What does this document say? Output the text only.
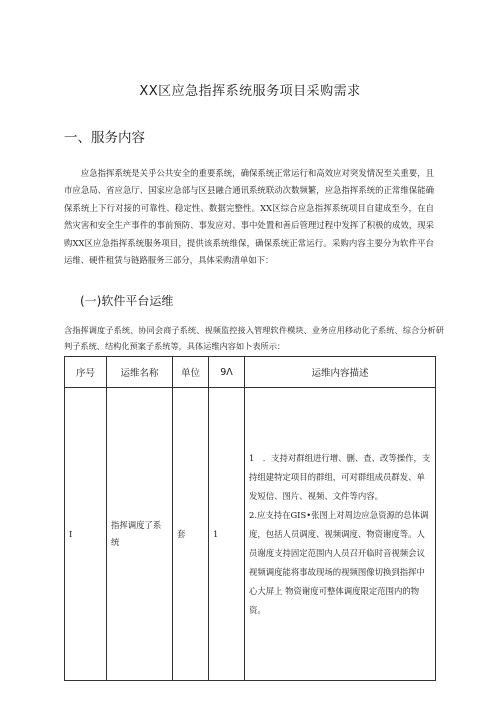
XX区应急指挥系统服务项目采购需求
一、服务内容
应急指挥系统是关乎公共安全的重要系统，确保系统正常运行和高效应对突发情况至关重要，且市应急局、省应急厅、国家应急部与区县融合通讯系统联动次数频繁，应急指挥系统的正常维保能确保系统上下行对接的可靠性、稳定性、数据完整性。XX区综合应急指挥系统项目自建成至今，在自然灾害和安全生产事件的事前预防、事发应对、事中处置和善后管理过程中发挥了积极的成效，现采购XX区应急指挥系统服务项目，提供该系统维保，确保系统正常运行。采购内容主要分为软件平台运维、硬件租赁与链路服务三部分，具体采购清单如下：
(一)软件平台运维
含指挥调度子系统、协同会商子系统、视频监控接入管理软件模块、业务应用移动化子系统、综合分析研判子系统、结构化预案子系统等，具体运维内容如卜表所示：
序号	运维名称	单位	9Λ	运维内容描述
I	指挥调度了系统	套	1	1　．支持对群组进行增、删、查、改等操作，支持组建特定项目的群组，可对群组成员群发、单发短信、图片、视频、文件等内容。

2.应支持在GIS•张图上对周边应急资源的总体调度，包括人员调度、视频调度、物资谢度等。人员谢度支持固定范围内人员召开临时音视频会议 视频调度能将事故现场的视频图像切换到指挥中心大屏上 物资谢度可整体调度限定范围内的物资。
